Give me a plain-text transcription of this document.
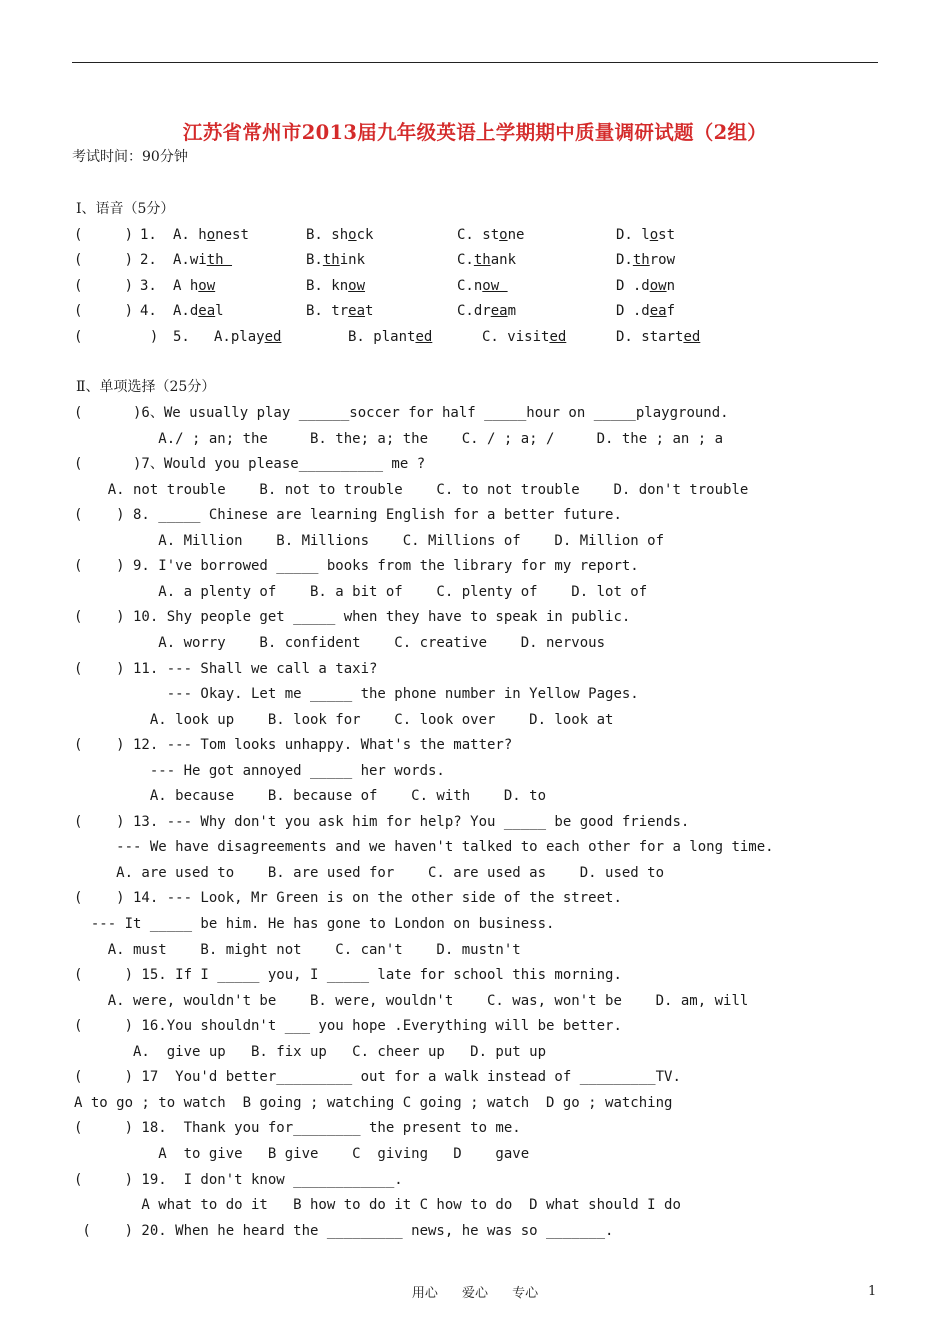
江苏省常州市2013届九年级英语上学期期中质量调研试题（2组）
考试时间：90分钟
Ⅰ、语音（5分）
(     ) 1. A. honest	B. shock	C. stone	D. lost
(     ) 2. A.with	B.think	C.thank	D.throw
(     ) 3. A how	B. know	C.now	D .down
(     ) 4. A.deal	B. treat	C.dream	D .deaf
(        ) 5. A.played	B. planted	C. visited	D. started
Ⅱ、单项选择（25分）
(      )6、We usually play ______soccer for half _____hour on _____playground.
A./ ; an; the     B. the; a; the    C. / ; a; /     D. the ; an ; a
(      )7、Would you please__________ me ?
A. not trouble    B. not to trouble    C. to not trouble    D. don't trouble
(    ) 8. _____ Chinese are learning English for a better future.
A. Million    B. Millions    C. Millions of    D. Million of
(    ) 9. I've borrowed _____ books from the library for my report.
A. a plenty of    B. a bit of    C. plenty of    D. lot of
(    ) 10. Shy people get _____ when they have to speak in public.
A. worry    B. confident    C. creative    D. nervous
(    ) 11. --- Shall we call a taxi?
--- Okay. Let me _____ the phone number in Yellow Pages.
A. look up    B. look for    C. look over    D. look at
(    ) 12. --- Tom looks unhappy. What's the matter?
--- He got annoyed _____ her words.
A. because    B. because of    C. with    D. to
(    ) 13. --- Why don't you ask him for help? You _____ be good friends.
--- We have disagreements and we haven't talked to each other for a long time.
A. are used to    B. are used for    C. are used as    D. used to
(    ) 14. --- Look, Mr Green is on the other side of the street.
--- It _____ be him. He has gone to London on business.
A. must    B. might not    C. can't    D. mustn't
(     ) 15. If I _____ you, I _____ late for school this morning.
A. were, wouldn't be    B. were, wouldn't    C. was, won't be    D. am, will
(     ) 16.You shouldn't ___ you hope .Everything will be better.
A.  give up   B. fix up   C. cheer up   D. put up
(     ) 17  You'd better_________ out for a walk instead of _________TV.
A to go ; to watch  B going ; watching C going ; watch  D go ; watching
(     ) 18.  Thank you for________ the present to me.
A  to give   B give    C  giving   D    gave
(     ) 19.  I don't know ____________.
A what to do it   B how to do it C how to do  D what should I do
(    ) 20. When he heard the _________ news, he was so _______.
用心 爱心 专心	1
